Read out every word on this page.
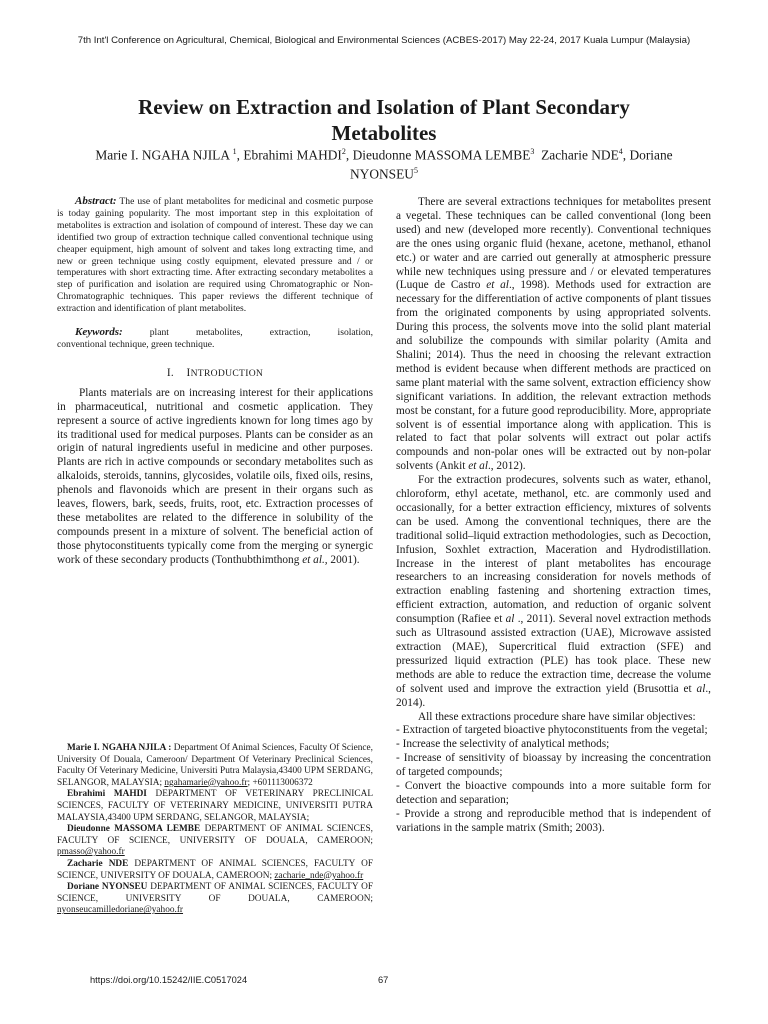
7th Int'l Conference on Agricultural, Chemical, Biological and Environmental Sciences (ACBES-2017) May 22-24, 2017 Kuala Lumpur (Malaysia)
Review on Extraction and Isolation of Plant Secondary
Metabolites
Marie I. NGAHA NJILA $^1$, Ebrahimi MAHDI$^2$, Dieudonne MASSOMA LEMBE$^3$ Zacharie NDE$^4$, Doriane NYONSEU$^5$

Abstract: The use of plant metabolites for medicinal and cosmetic purpose is today gaining popularity. The most important step in this exploitation of metabolites is extraction and isolation of compound of interest. These day we can identified two group of extraction technique called conventional technique using cheaper equipment, high amount of solvent and takes long extracting time, and new or green technique using costly equipment, elevated pressure and / or temperatures with short extracting time. After extracting secondary metabolites a step of purification and isolation are required using Chromatographic or Non- Chromatographic techniques. This paper reviews the different technique of extraction and identification of plant metabolites.

Keywords:	plant metabolites, extraction, isolation, conventional technique, green technique.

I. INTRODUCTION

Plants materials are on increasing interest for their applications in pharmaceutical, nutritional and cosmetic application. They represent a source of active ingredients known for long times ago by its traditional used for medical purposes. Plants can be consider as an origin of natural ingredients useful in medicine and other purposes. Plants are rich in active compounds or secondary metabolites such as alkaloids, steroids, tannins, glycosides, volatile oils, fixed oils, resins, phenols and flavonoids which are present in their organs such as leaves, flowers, bark, seeds, fruits, root, etc. Extraction processes of these metabolites are related to the difference in solubility of the compounds present in a mixture of solvent. The beneficial action of those phytoconstituents typically come from the merging or synergic work of these secondary products (Tonthubthimthong et al., 2001).

Marie I. NGAHA NJILA : Department Of Animal Sciences, Faculty Of Science, University Of Douala, Cameroon/ Department Of Veterinary Preclinical Sciences, Faculty Of Veterinary Medicine, Universiti Putra Malaysia,43400 UPM SERDANG, SELANGOR, MALAYSIA; ngahamarie@yahoo.fr; +601113006372

Ebrahimi MAHDI DEPARTMENT OF VETERINARY PRECLINICAL SCIENCES, FACULTY OF VETERINARY MEDICINE, UNIVERSITI PUTRA MALAYSIA,43400 UPM SERDANG, SELANGOR, MALAYSIA;

Dieudonne MASSOMA LEMBE DEPARTMENT OF ANIMAL SCIENCES, FACULTY OF SCIENCE, UNIVERSITY OF DOUALA, CAMEROON; pmasso@yahoo.fr

Zacharie NDE DEPARTMENT OF ANIMAL SCIENCES, FACULTY OF SCIENCE, UNIVERSITY OF DOUALA, CAMEROON; zacharie_nde@yahoo.fr

Doriane NYONSEU DEPARTMENT OF ANIMAL SCIENCES, FACULTY OF SCIENCE, UNIVERSITY OF DOUALA, CAMEROON; nyonseucamilledoriane@yahoo.fr

There are several extractions techniques for metabolites present a vegetal. These techniques can be called conventional (long been used) and new (developed more recently). Conventional techniques are the ones using organic fluid (hexane, acetone, methanol, ethanol etc.) or water and are carried out generally at atmospheric pressure while new techniques using pressure and / or elevated temperatures (Luque de Castro et al., 1998). Methods used for extraction are necessary for the differentiation of active components of plant tissues from the originated components by using appropriated solvents. During this process, the solvents move into the solid plant material and solubilize the compounds with similar polarity (Amita and Shalini; 2014). Thus the need in choosing the relevant extraction method is evident because when different methods are practiced on same plant material with the same solvent, extraction efficiency show significant variations. In addition, the relevant extraction methods most be constant, for a future good reproducibility. More, appropriate solvent is of essential importance along with application. This is related to fact that polar solvents will extract out polar actifs compounds and non-polar ones will be extracted out by non-polar solvents (Ankit et al., 2012).

For the extraction prodecures, solvents such as water, ethanol, chloroform, ethyl acetate, methanol, etc. are commonly used and occasionally, for a better extraction efficiency, mixtures of solvents can be used. Among the conventional techniques, there are the traditional solid–liquid extraction methodologies, such as Decoction, Infusion, Soxhlet extraction, Maceration and Hydrodistillation. Increase in the interest of plant metabolites has encourage researchers to an increasing consideration for novels methods of extraction enabling fastening and shortening extraction times, efficient extraction, automation, and reduction of organic solvent consumption (Rafiee et al ., 2011). Several novel extraction methods such as Ultrasound assisted extraction (UAE), Microwave assisted extraction (MAE), Supercritical fluid extraction (SFE) and pressurized liquid extraction (PLE) has took place. These new methods are able to reduce the extraction time, decrease the volume of solvent used and improve the extraction yield (Brusottia et al., 2014).

All these extractions procedure share have similar objectives:

- Extraction of targeted bioactive phytoconstituents from the vegetal;

- Increase the selectivity of analytical methods;

- Increase of sensitivity of bioassay by increasing the concentration of targeted compounds;

- Convert the bioactive compounds into a more suitable form for detection and separation;

- Provide a strong and reproducible method that is independent of variations in the sample matrix (Smith; 2003).

https://doi.org/10.15242/IIE.C0517024	67
